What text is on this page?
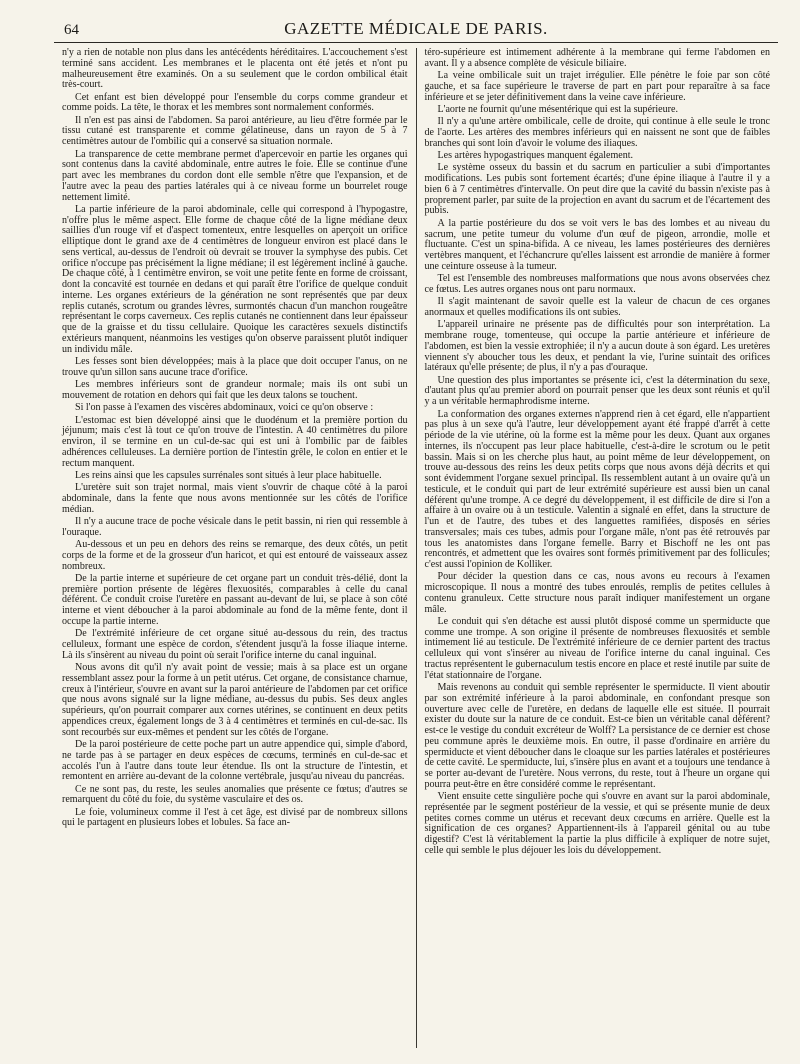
64	GAZETTE MÉDICALE DE PARIS.

n'y a rien de notable non plus dans les antécédents héréditaires. L'accouchement s'est terminé sans accident. Les membranes et le placenta ont été jetés et n'ont pu malheureusement être examinés. On a su seulement que le cordon ombilical était très-court.

Cet enfant est bien développé pour l'ensemble du corps comme grandeur et comme poids. La tête, le thorax et les membres sont normalement conformés.

Il n'en est pas ainsi de l'abdomen. Sa paroi antérieure, au lieu d'être formée par le tissu cutané est transparente et comme gélatineuse, dans un rayon de 5 à 7 centimètres autour de l'ombilic qui a conservé sa situation normale.

La transparence de cette membrane permet d'apercevoir en partie les organes qui sont contenus dans la cavité abdominale, entre autres le foie. Elle se continue d'une part avec les membranes du cordon dont elle semble n'être que l'expansion, et de l'autre avec la peau des parties latérales qui à ce niveau forme un bourrelet rouge nettement limité.

La partie inférieure de la paroi abdominale, celle qui correspond à l'hypogastre, n'offre plus le même aspect. Elle forme de chaque côté de la ligne médiane deux saillies d'un rouge vif et d'aspect tomenteux, entre lesquelles on aperçoit un orifice elliptique dont le grand axe de 4 centimètres de longueur environ est placé dans le sens vertical, au-dessus de l'endroit où devrait se trouver la symphyse des pubis. Cet orifice n'occupe pas précisément la ligne médiane; il est légèrement incliné à gauche. De chaque côté, à 1 centimètre environ, se voit une petite fente en forme de croissant, dont la concavité est tournée en dedans et qui paraît être l'orifice de quelque conduit interne. Les organes extérieurs de la génération ne sont représentés que par deux replis cutanés, scrotum ou grandes lèvres, surmontés chacun d'un manchon rougeâtre représentant le corps caverneux. Ces replis cutanés ne contiennent dans leur épaisseur que de la graisse et du tissu cellulaire. Quoique les caractères sexuels distinctifs extérieurs manquent, néanmoins les vestiges qu'on observe paraissent plutôt indiquer un individu mâle.

Les fesses sont bien développées; mais à la place que doit occuper l'anus, on ne trouve qu'un sillon sans aucune trace d'orifice.

Les membres inférieurs sont de grandeur normale; mais ils ont subi un mouvement de rotation en dehors qui fait que les deux talons se touchent.

Si l'on passe à l'examen des viscères abdominaux, voici ce qu'on observe :

L'estomac est bien développé ainsi que le duodénum et la première portion du jéjunum; mais c'est là tout ce qu'on trouve de l'intestin. A 40 centimètres du pilore environ, il se termine en un cul-de-sac qui est uni à l'ombilic par de faibles adhérences celluleuses. La dernière portion de l'intestin grêle, le colon en entier et le rectum manquent.

Les reins ainsi que les capsules surrénales sont situés à leur place habituelle.

L'uretère suit son trajet normal, mais vient s'ouvrir de chaque côté à la paroi abdominale, dans la fente que nous avons mentionnée sur les côtés de l'orifice médian.

Il n'y a aucune trace de poche vésicale dans le petit bassin, ni rien qui ressemble à l'ouraque.

Au-dessous et un peu en dehors des reins se remarque, des deux côtés, un petit corps de la forme et de la grosseur d'un haricot, et qui est entouré de vaisseaux assez nombreux.

De la partie interne et supérieure de cet organe part un conduit très-délié, dont la première portion présente de légères flexuosités, comparables à celle du canal déférent. Ce conduit croise l'uretère en passant au-devant de lui, se place à son côté interne et vient déboucher à la paroi abdominale au fond de la même fente, dont il occupe la partie interne.

De l'extrémité inférieure de cet organe situé au-dessous du rein, des tractus celluleux, formant une espèce de cordon, s'étendent jusqu'à la fosse iliaque interne. Là ils s'insèrent au niveau du point où serait l'orifice interne du canal inguinal.

Nous avons dit qu'il n'y avait point de vessie; mais à sa place est un organe ressemblant assez pour la forme à un petit utérus. Cet organe, de consistance charnue, creux à l'intérieur, s'ouvre en avant sur la paroi antérieure de l'abdomen par cet orifice que nous avons signalé sur la ligne médiane, au-dessus du pubis. Ses deux angles supérieurs, qu'on pourrait comparer aux cornes utérines, se continuent en deux petits appendices creux, également longs de 3 à 4 centimètres et terminés en cul-de-sac. Ils sont recourbés sur eux-mêmes et pendent sur les côtés de l'organe.

De la paroi postérieure de cette poche part un autre appendice qui, simple d'abord, ne tarde pas à se partager en deux espèces de cœcums, terminés en cul-de-sac et accolés l'un à l'autre dans toute leur étendue. Ils ont la structure de l'intestin, et remontent en arrière au-devant de la colonne vertébrale, jusqu'au niveau du pancréas.

Ce ne sont pas, du reste, les seules anomalies que présente ce fœtus; d'autres se remarquent du côté du foie, du système vasculaire et des os.

Le foie, volumineux comme il l'est à cet âge, est divisé par de nombreux sillons qui le partagent en plusieurs lobes et lobules. Sa face an-

téro-supérieure est intimement adhérente à la membrane qui ferme l'abdomen en avant. Il y a absence complète de vésicule biliaire.

La veine ombilicale suit un trajet irrégulier. Elle pénètre le foie par son côté gauche, et sa face supérieure le traverse de part en part pour reparaître à sa face inférieure et se jeter définitivement dans la veine cave inférieure.

L'aorte ne fournit qu'une mésentérique qui est la supérieure.

Il n'y a qu'une artère ombilicale, celle de droite, qui continue à elle seule le tronc de l'aorte. Les artères des membres inférieurs qui en naissent ne sont que de faibles branches qui sont loin d'avoir le volume des iliaques.

Les artères hypogastriques manquent également.

Le système osseux du bassin et du sacrum en particulier a subi d'importantes modifications. Les pubis sont fortement écartés; d'une épine iliaque à l'autre il y a bien 6 à 7 centimètres d'intervalle. On peut dire que la cavité du bassin n'existe pas à proprement parler, par suite de la projection en avant du sacrum et de l'écartement des pubis.

A la partie postérieure du dos se voit vers le bas des lombes et au niveau du sacrum, une petite tumeur du volume d'un œuf de pigeon, arrondie, molle et fluctuante. C'est un spina-bifida. A ce niveau, les lames postérieures des dernières vertèbres manquent, et l'échancrure qu'elles laissent est arrondie de manière à former une ceinture osseuse à la tumeur.

Tel est l'ensemble des nombreuses malformations que nous avons observées chez ce fœtus. Les autres organes nous ont paru normaux.

Il s'agit maintenant de savoir quelle est la valeur de chacun de ces organes anormaux et quelles modifications ils ont subies.

L'appareil urinaire ne présente pas de difficultés pour son interprétation. La membrane rouge, tomenteuse, qui occupe la partie antérieure et inférieure de l'abdomen, est bien la vessie extrophiée; il n'y a aucun doute à son égard. Les uretères viennent s'y aboucher tous les deux, et pendant la vie, l'urine suintait des orifices latéraux qu'elle présente; de plus, il n'y a pas d'ouraque.

Une question des plus importantes se présente ici, c'est la détermination du sexe, d'autant plus qu'au premier abord on pourrait penser que les deux sont réunis et qu'il y a un véritable hermaphrodisme interne.

La conformation des organes externes n'apprend rien à cet égard, elle n'appartient pas plus à un sexe qu'à l'autre, leur développement ayant été frappé d'arrêt à cette période de la vie utérine, où la forme est la même pour les deux. Quant aux organes internes, ils n'occupent pas leur place habituelle, c'est-à-dire le scrotum ou le petit bassin. Mais si on les cherche plus haut, au point même de leur développement, on trouve au-dessous des reins les deux petits corps que nous avons déjà décrits et qui sont évidemment l'organe sexuel principal. Ils ressemblent autant à un ovaire qu'à un testicule, et le conduit qui part de leur extrémité supérieure est aussi bien un canal déférent qu'une trompe. A ce degré du développement, il est difficile de dire si l'on a affaire à un ovaire ou à un testicule. Valentin a signalé en effet, dans la structure de l'un et de l'autre, des tubes et des languettes ramifiées, disposés en séries transversales; mais ces tubes, admis pour l'organe mâle, n'ont pas été retrouvés par tous les anatomistes dans l'organe femelle. Barry et Bischoff ne les ont pas rencontrés, et admettent que les ovaires sont formés primitivement par des follicules; c'est aussi l'opinion de Kolliker.

Pour décider la question dans ce cas, nous avons eu recours à l'examen microscopique. Il nous a montré des tubes enroulés, remplis de petites cellules à contenu granuleux. Cette structure nous paraît indiquer manifestement un organe mâle.

Le conduit qui s'en détache est aussi plutôt disposé comme un spermiducte que comme une trompe. A son origine il présente de nombreuses flexuosités et semble intimement lié au testicule. De l'extrémité inférieure de ce dernier partent des tractus celluleux qui vont s'insérer au niveau de l'orifice interne du canal inguinal. Ces tractus représentent le gubernaculum testis encore en place et resté inutile par suite de l'état stationnaire de l'organe.

Mais revenons au conduit qui semble représenter le spermiducte. Il vient aboutir par son extrémité inférieure à la paroi abdominale, en confondant presque son ouverture avec celle de l'uretère, en dedans de laquelle elle est située. Il pourrait exister du doute sur la nature de ce conduit. Est-ce bien un véritable canal déférent? est-ce le vestige du conduit excréteur de Wolff? La persistance de ce dernier est chose peu commune après le deuxième mois. En outre, il passe d'ordinaire en arrière du spermiducte et vient déboucher dans le cloaque sur les parties latérales et postérieures de cette cavité. Le spermiducte, lui, s'insère plus en avant et a toujours une tendance à se porter au-devant de l'uretère. Nous verrons, du reste, tout à l'heure un organe qui pourra peut-être en être considéré comme le représentant.

Vient ensuite cette singulière poche qui s'ouvre en avant sur la paroi abdominale, représentée par le segment postérieur de la vessie, et qui se présente munie de deux petites cornes comme un utérus et recevant deux cœcums en arrière. Quelle est la signification de ces organes? Appartiennent-ils à l'appareil génital ou au tube digestif? C'est là véritablement la partie la plus difficile à expliquer de notre sujet, celle qui semble le plus déjouer les lois du développement.
